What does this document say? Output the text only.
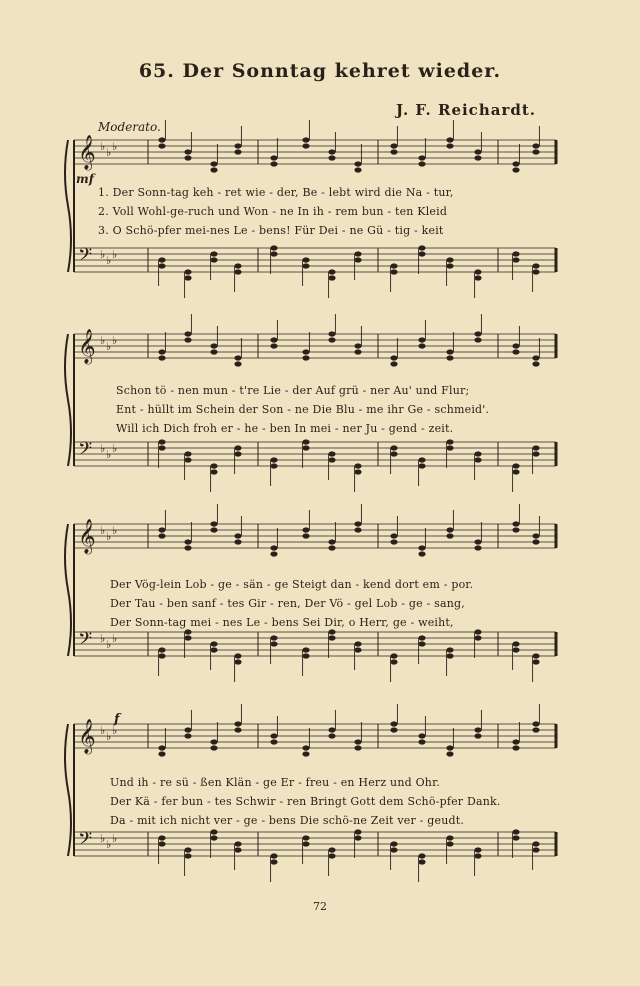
65. Der Sonntag kehret wieder.
J. F. Reichardt.
Moderato.
mf
f
𝄞 ♭ ♭ ♭
𝄢 ♭ ♭ ♭
1. Der Sonn-tag keh - ret wie - der, Be - lebt wird die Na - tur,
2. Voll Wohl-ge-ruch und Won - ne In ih - rem bun - ten Kleid
3. O Schö-pfer mei-nes Le - bens! Für Dei - ne Gü - tig - keit
𝄞 ♭ ♭ ♭
𝄢 ♭ ♭ ♭
Schon tö - nen mun - t're Lie - der Auf grü - ner Au' und Flur;
Ent - hüllt im Schein der Son - ne Die Blu - me ihr Ge - schmeid'.
Will ich Dich froh er - he - ben In mei - ner Ju - gend - zeit.
𝄞 ♭ ♭ ♭
𝄢 ♭ ♭ ♭
Der Vög-lein Lob - ge - sän - ge Steigt dan - kend dort em - por.
Der Tau - ben sanf - tes Gir - ren, Der Vö - gel Lob - ge - sang,
Der Sonn-tag mei - nes Le - bens Sei Dir, o Herr, ge - weiht,
𝄞 ♭ ♭ ♭
𝄢 ♭ ♭ ♭
Und ih - re sü - ßen Klän - ge Er - freu - en Herz und Ohr.
Der Kä - fer bun - tes Schwir - ren Bringt Gott dem Schö-pfer Dank.
Da - mit ich nicht ver - ge - bens Die schö-ne Zeit ver - geudt.
72
